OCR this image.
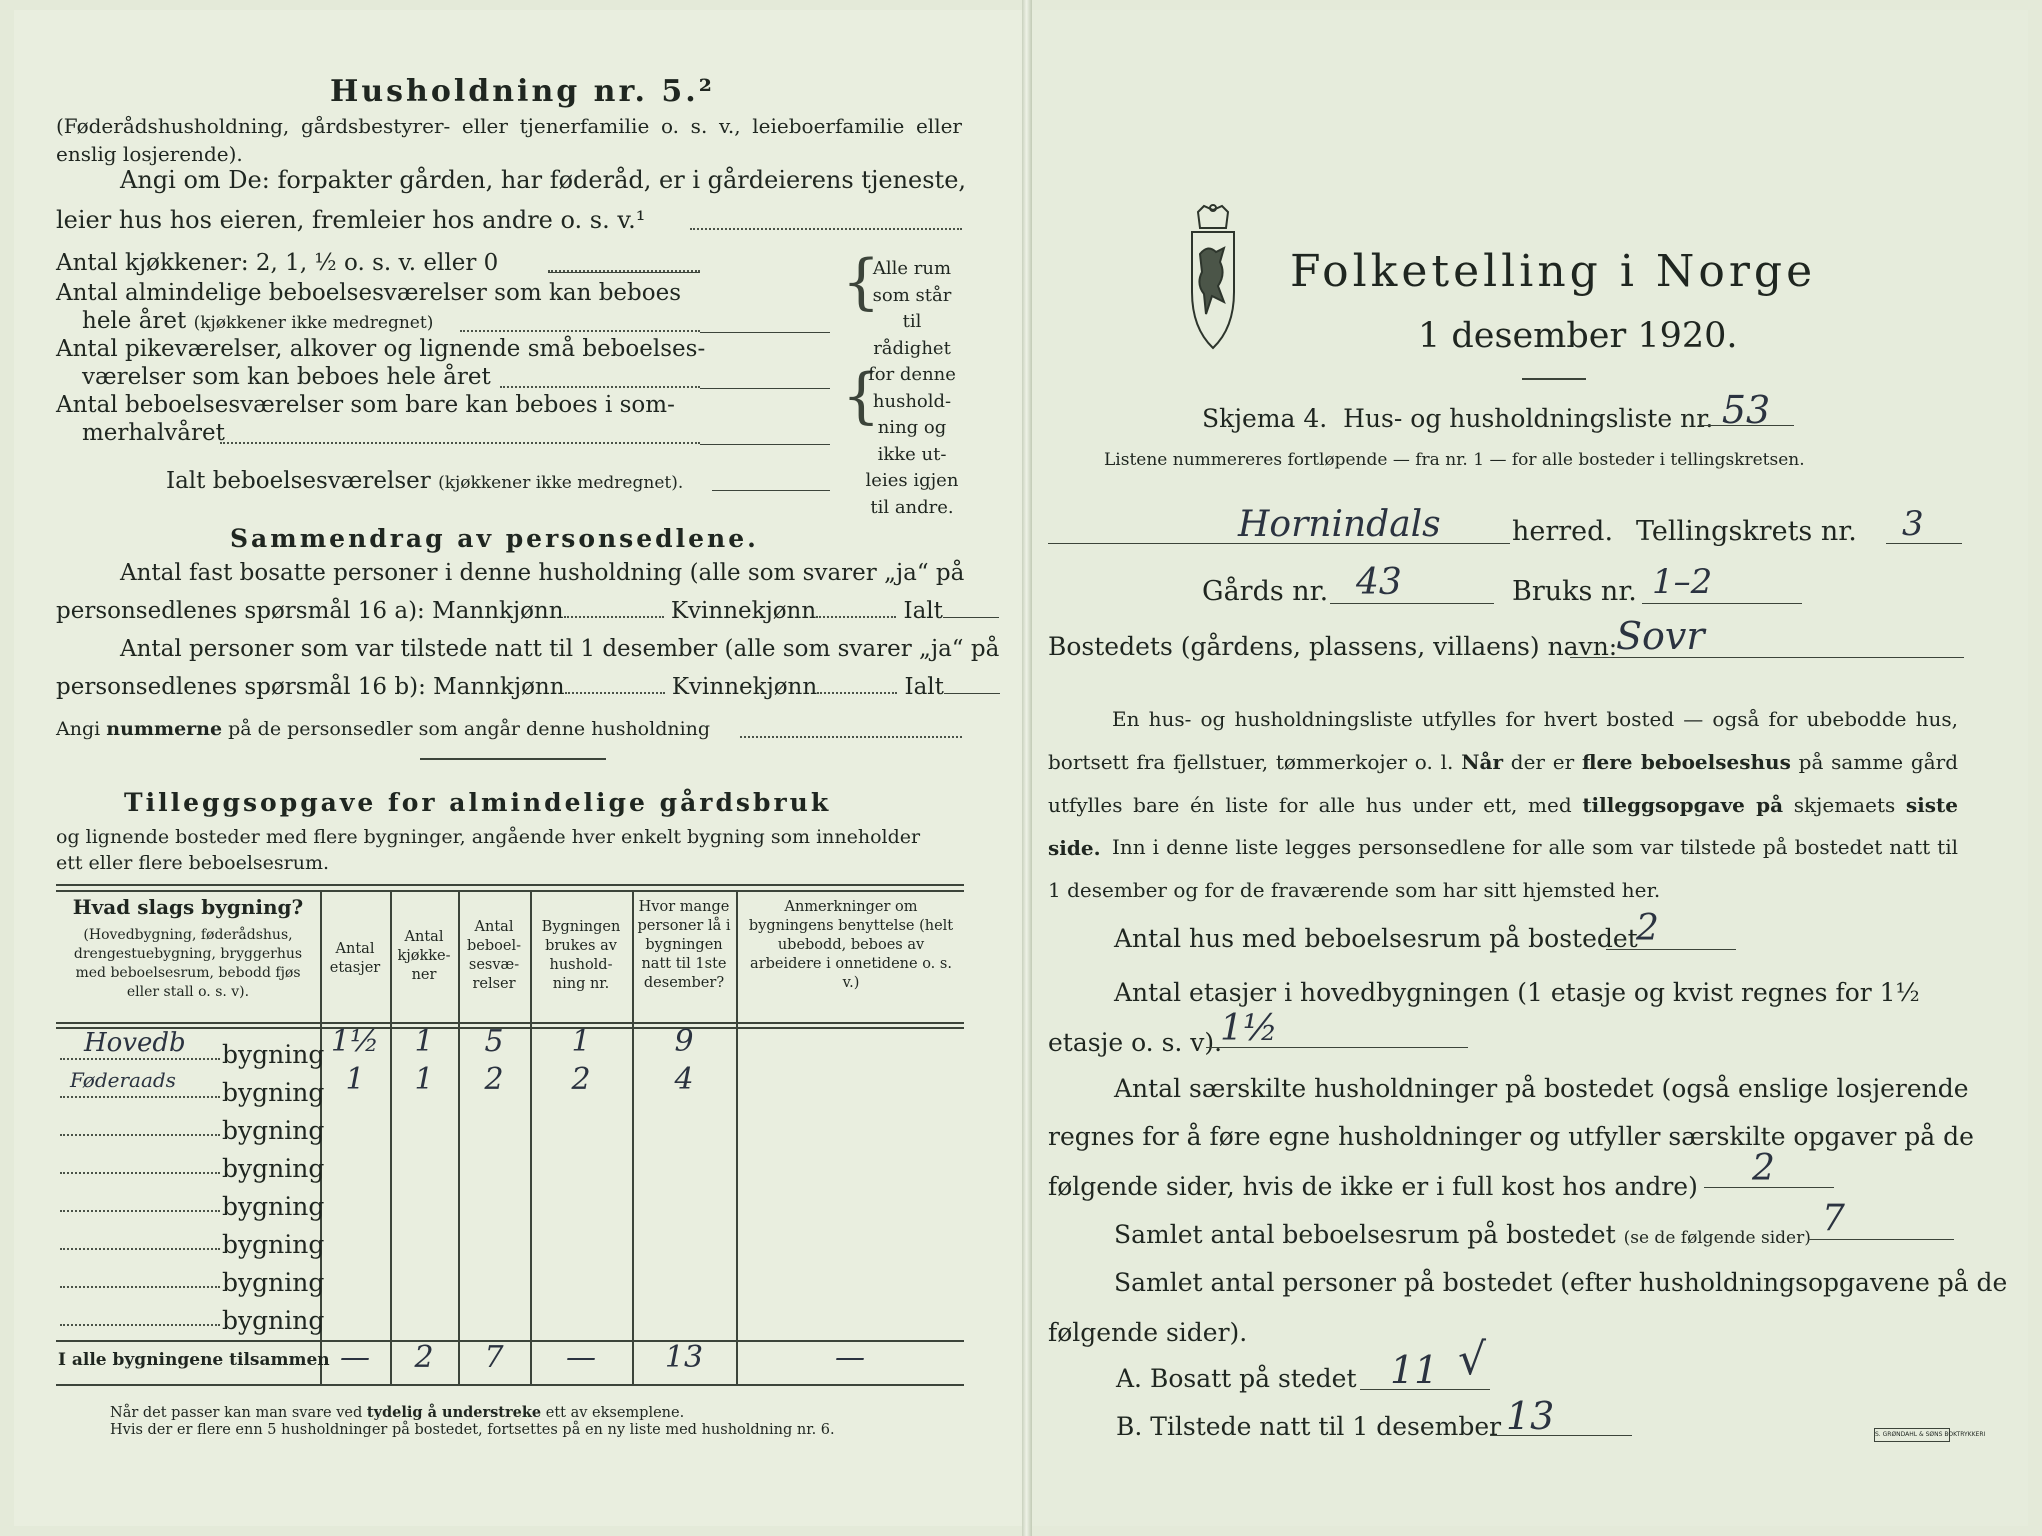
Husholdning nr. 5.²
(Føderådshusholdning, gårdsbestyrer- eller tjenerfamilie o. s. v., leieboerfamilie eller enslig losjerende).
Angi om De: forpakter gården, har føderåd, er i gårdeierens tjeneste,
leier hus hos eieren, fremleier hos andre o. s. v.¹
Antal kjøkkener: 2, 1, ½ o. s. v. eller 0
Antal almindelige beboelsesværelser som kan beboes
hele året (kjøkkener ikke medregnet)
Antal pikeværelser, alkover og lignende små beboelses-
værelser som kan beboes hele året
Antal beboelsesværelser som bare kan beboes i som-
merhalvåret
Ialt beboelsesværelser (kjøkkener ikke medregnet).
{
{
Alle rum
som står til
rådighet
for denne
hushold-
ning og
ikke ut-
leies igjen
til andre.
Sammendrag av personsedlene.
Antal fast bosatte personer i denne husholdning (alle som svarer „ja“ på
personsedlenes spørsmål 16 a): Mannkjønn	Kvinnekjønn	Ialt
Antal personer som var tilstede natt til 1 desember (alle som svarer „ja“ på
personsedlenes spørsmål 16 b): Mannkjønn	Kvinnekjønn	Ialt
Angi nummerne på de personsedler som angår denne husholdning
Tilleggsopgave for almindelige gårdsbruk
og lignende bosteder med flere bygninger, angående hver enkelt bygning som inneholder
ett eller flere beboelsesrum.
Hvad slags bygning?
(Hovedbygning, føderådshus, drengestuebygning, bryggerhus med beboelsesrum, bebodd fjøs eller stall o. s. v).
Antal etasjer
Antal kjøkke-ner
Antal beboel-sesvæ-relser
Bygningen brukes av hushold-ning nr.
Hvor mange personer lå i bygningen natt til 1ste desember?
Anmerkninger om bygningens benyttelse (helt ubebodd, beboes av arbeidere i onnetidene o. s. v.)
Hovedb bygning 1½	1	5	1	9
Føderaads bygning 1	1	2	2	4
bygning
bygning
bygning
bygning
bygning
bygning
I alle bygningene tilsammen —	2	7	—	13	—
Når det passer kan man svare ved tydelig å understreke ett av eksemplene.
Hvis der er flere enn 5 husholdninger på bostedet, fortsettes på en ny liste med husholdning nr. 6.
Folketelling i Norge
1 desember 1920.
Skjema 4. Hus- og husholdningsliste nr. 53
Listene nummereres fortløpende — fra nr. 1 — for alle bosteder i tellingskretsen.
Hornindals	herred. Tellingskrets nr.	3
Gårds nr. 43	Bruks nr. 1–2
Bostedets (gårdens, plassens, villaens) navn:
Sovr
En hus- og husholdningsliste utfylles for hvert bosted — også for ubebodde hus, bortsett fra fjellstuer, tømmerkojer o. l. Når der er flere beboelseshus på samme gård utfylles bare én liste for alle hus under ett, med tilleggsopgave på skjemaets siste side. Inn i denne liste legges personsedlene for alle som var tilstede på bostedet natt til 1 desember og for de fraværende som har sitt hjemsted her.
Antal hus med beboelsesrum på bostedet
2
Antal etasjer i hovedbygningen (1 etasje og kvist regnes for 1½
etasje o. s. v).
1½
Antal særskilte husholdninger på bostedet (også enslige losjerende
regnes for å føre egne husholdninger og utfyller særskilte opgaver på de
følgende sider, hvis de ikke er i full kost hos andre)	2
Samlet antal beboelsesrum på bostedet (se de følgende sider) 7
Samlet antal personer på bostedet (efter husholdningsopgavene på de
følgende sider).
A. Bosatt på stedet 11 √
B. Tilstede natt til 1 desember 13	S. GRØNDAHL & SØNS BOKTRYKKERI
